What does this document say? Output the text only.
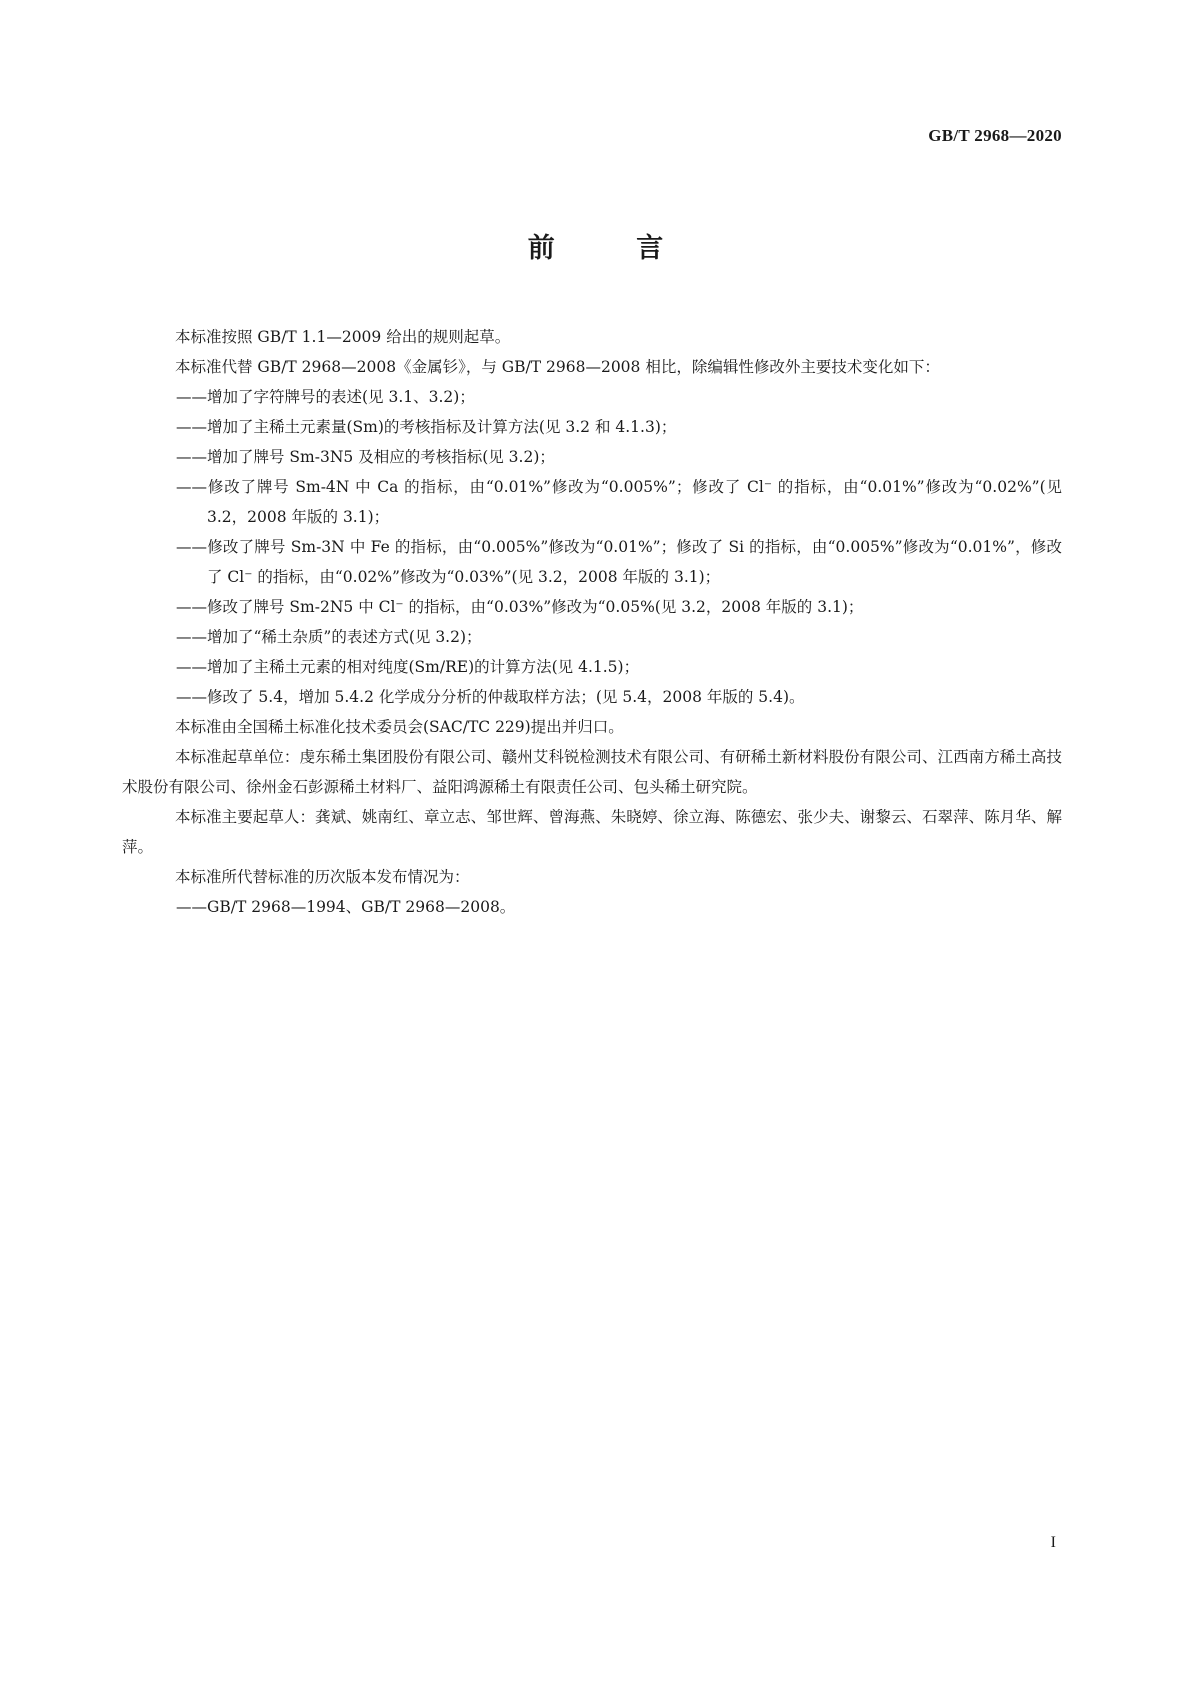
GB/T 2968—2020
前 言

本标准按照 GB/T 1.1—2009 给出的规则起草。

本标准代替 GB/T 2968—2008《金属钐》，与 GB/T 2968—2008 相比，除编辑性修改外主要技术变化如下：

——增加了字符牌号的表述(见 3.1、3.2)；

——增加了主稀土元素量(Sm)的考核指标及计算方法(见 3.2 和 4.1.3)；

——增加了牌号 Sm-3N5 及相应的考核指标(见 3.2)；

——修改了牌号 Sm-4N 中 Ca 的指标，由“0.01%”修改为“0.005%”；修改了 Cl⁻ 的指标，由“0.01%”修改为“0.02%”(见 3.2，2008 年版的 3.1)；

——修改了牌号 Sm-3N 中 Fe 的指标，由“0.005%”修改为“0.01%”；修改了 Si 的指标，由“0.005%”修改为“0.01%”，修改了 Cl⁻ 的指标，由“0.02%”修改为“0.03%”(见 3.2，2008 年版的 3.1)；

——修改了牌号 Sm-2N5 中 Cl⁻ 的指标，由“0.03%”修改为“0.05%(见 3.2，2008 年版的 3.1)；

——增加了“稀土杂质”的表述方式(见 3.2)；

——增加了主稀土元素的相对纯度(Sm/RE)的计算方法(见 4.1.5)；

——修改了 5.4，增加 5.4.2 化学成分分析的仲裁取样方法；(见 5.4，2008 年版的 5.4)。

本标准由全国稀土标准化技术委员会(SAC/TC 229)提出并归口。

本标准起草单位：虔东稀土集团股份有限公司、赣州艾科锐检测技术有限公司、有研稀土新材料股份有限公司、江西南方稀土高技术股份有限公司、徐州金石彭源稀土材料厂、益阳鸿源稀土有限责任公司、包头稀土研究院。

本标准主要起草人：龚斌、姚南红、章立志、邹世辉、曾海燕、朱晓婷、徐立海、陈德宏、张少夫、谢黎云、石翠萍、陈月华、解萍。

本标准所代替标准的历次版本发布情况为：

——GB/T 2968—1994、GB/T 2968—2008。

I
